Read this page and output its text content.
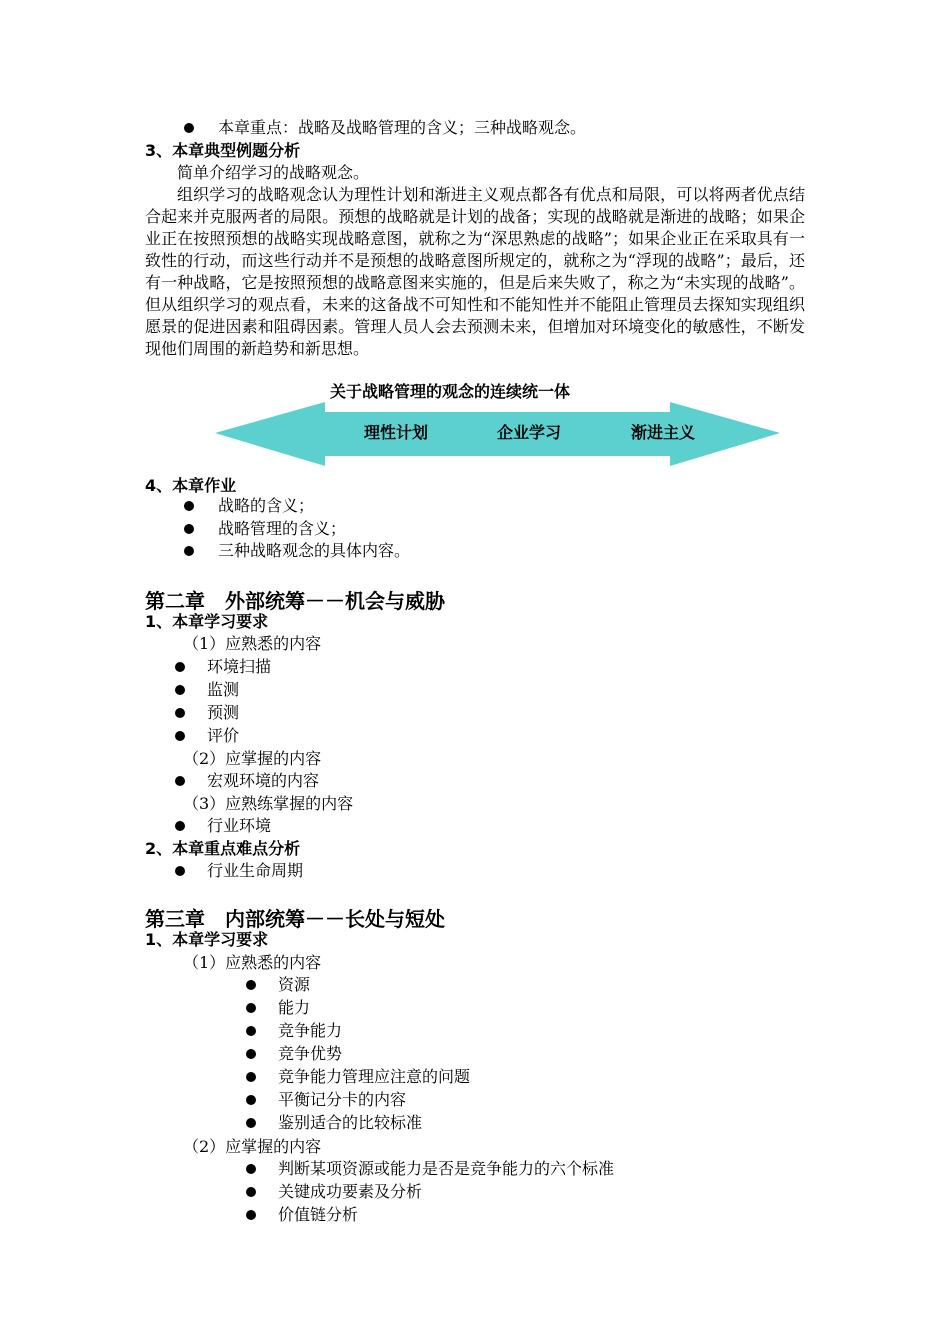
本章重点：战略及战略管理的含义；三种战略观念。
3、本章典型例题分析
简单介绍学习的战略观念。
组织学习的战略观念认为理性计划和渐进主义观点都各有优点和局限，可以将两者优点结合起来并克服两者的局限。预想的战略就是计划的战备；实现的战略就是渐进的战略；如果企业正在按照预想的战略实现战略意图，就称之为“深思熟虑的战略”；如果企业正在采取具有一致性的行动，而这些行动并不是预想的战略意图所规定的，就称之为“浮现的战略”；最后，还有一种战略，它是按照预想的战略意图来实施的，但是后来失败了，称之为“未实现的战略”。但从组织学习的观点看，未来的这备战不可知性和不能知性并不能阻止管理员去探知实现组织愿景的促进因素和阻碍因素。管理人员人会去预测未来，但增加对环境变化的敏感性，不断发现他们周围的新趋势和新思想。
关于战略管理的观念的连续统一体
理性计划	企业学习	渐进主义
4、本章作业
战略的含义；
战略管理的含义；
三种战略观念的具体内容。
第二章　外部统筹－－机会与威胁
1、本章学习要求
（1）应熟悉的内容
环境扫描
监测
预测
评价
（2）应掌握的内容
宏观环境的内容
（3）应熟练掌握的内容
行业环境
2、本章重点难点分析
行业生命周期
第三章　内部统筹－－长处与短处
1、本章学习要求
（1）应熟悉的内容
资源
能力
竞争能力
竞争优势
竞争能力管理应注意的问题
平衡记分卡的内容
鉴别适合的比较标准
（2）应掌握的内容
判断某项资源或能力是否是竞争能力的六个标准
关键成功要素及分析
价值链分析
